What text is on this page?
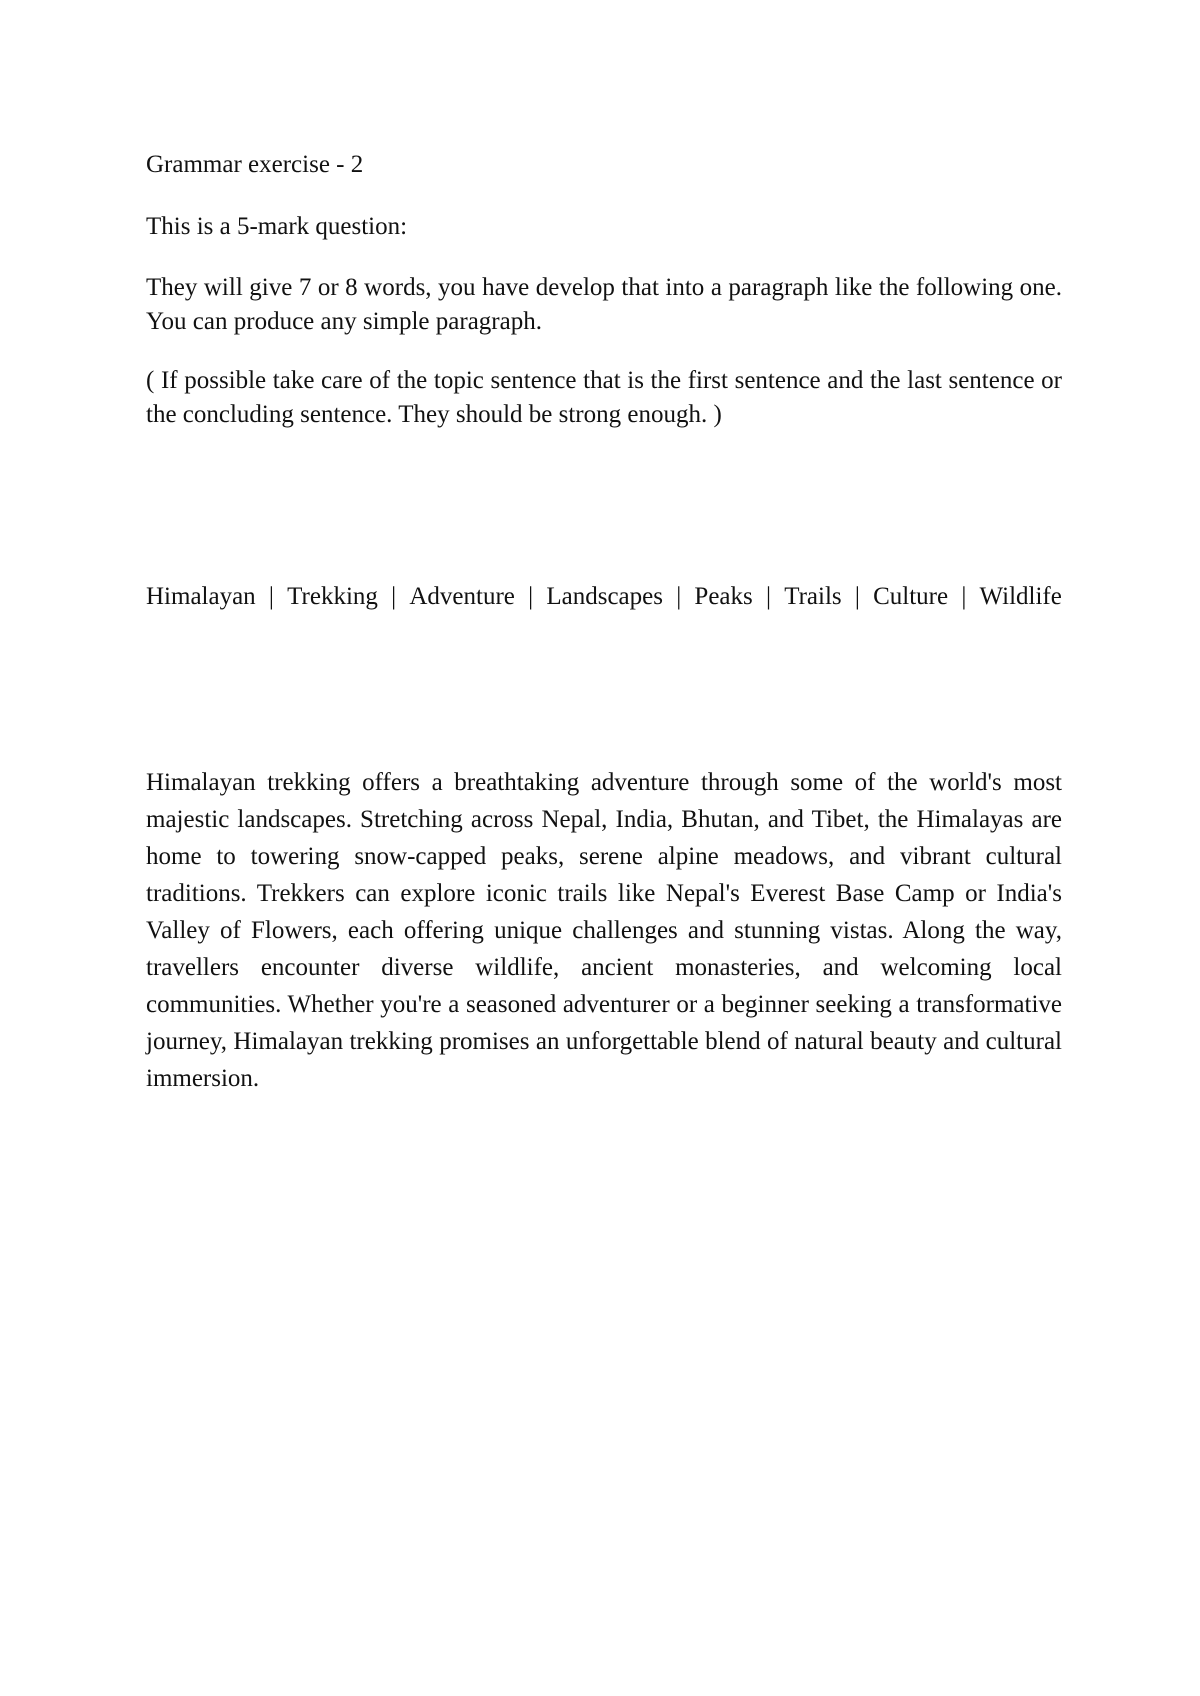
Grammar exercise - 2

This is a 5-mark question:

They will give 7 or 8 words, you have develop that into a paragraph like the following one. You can produce any simple paragraph.

( If possible take care of the topic sentence that is the first sentence and the last sentence or the concluding sentence. They should be strong enough. )

Himalayan | Trekking | Adventure | Landscapes | Peaks | Trails | Culture | Wildlife

Himalayan trekking offers a breathtaking adventure through some of the world's most majestic landscapes. Stretching across Nepal, India, Bhutan, and Tibet, the Himalayas are home to towering snow-capped peaks, serene alpine meadows, and vibrant cultural traditions. Trekkers can explore iconic trails like Nepal's Everest Base Camp or India's Valley of Flowers, each offering unique challenges and stunning vistas. Along the way, travellers encounter diverse wildlife, ancient monasteries, and welcoming local communities. Whether you're a seasoned adventurer or a beginner seeking a transformative journey, Himalayan trekking promises an unforgettable blend of natural beauty and cultural immersion.
